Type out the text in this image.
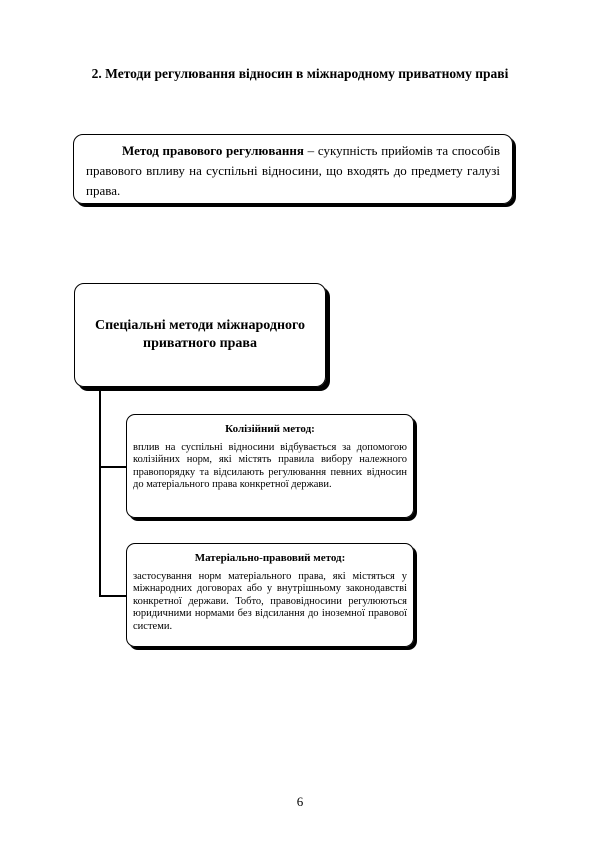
2. Методи регулювання відносин в міжнародному приватному праві
Метод правового регулювання – сукупність прийомів та способів правового впливу на суспільні відносини, що входять до предмету галузі права.
Спеціальні методи міжнародного приватного права
Колізійний метод:
вплив на суспільні відносини відбувається за допомогою колізійних норм, які містять правила вибору належного правопорядку та відсилають регулювання певних відносин до матеріального права конкретної держави.
Матеріально-правовий метод:
застосування норм матеріального права, які містяться у міжнародних договорах або у внутрішньому законодавстві конкретної держави. Тобто, правовідносини регулюються юридичними нормами без відсилання до іноземної правової системи.
6
